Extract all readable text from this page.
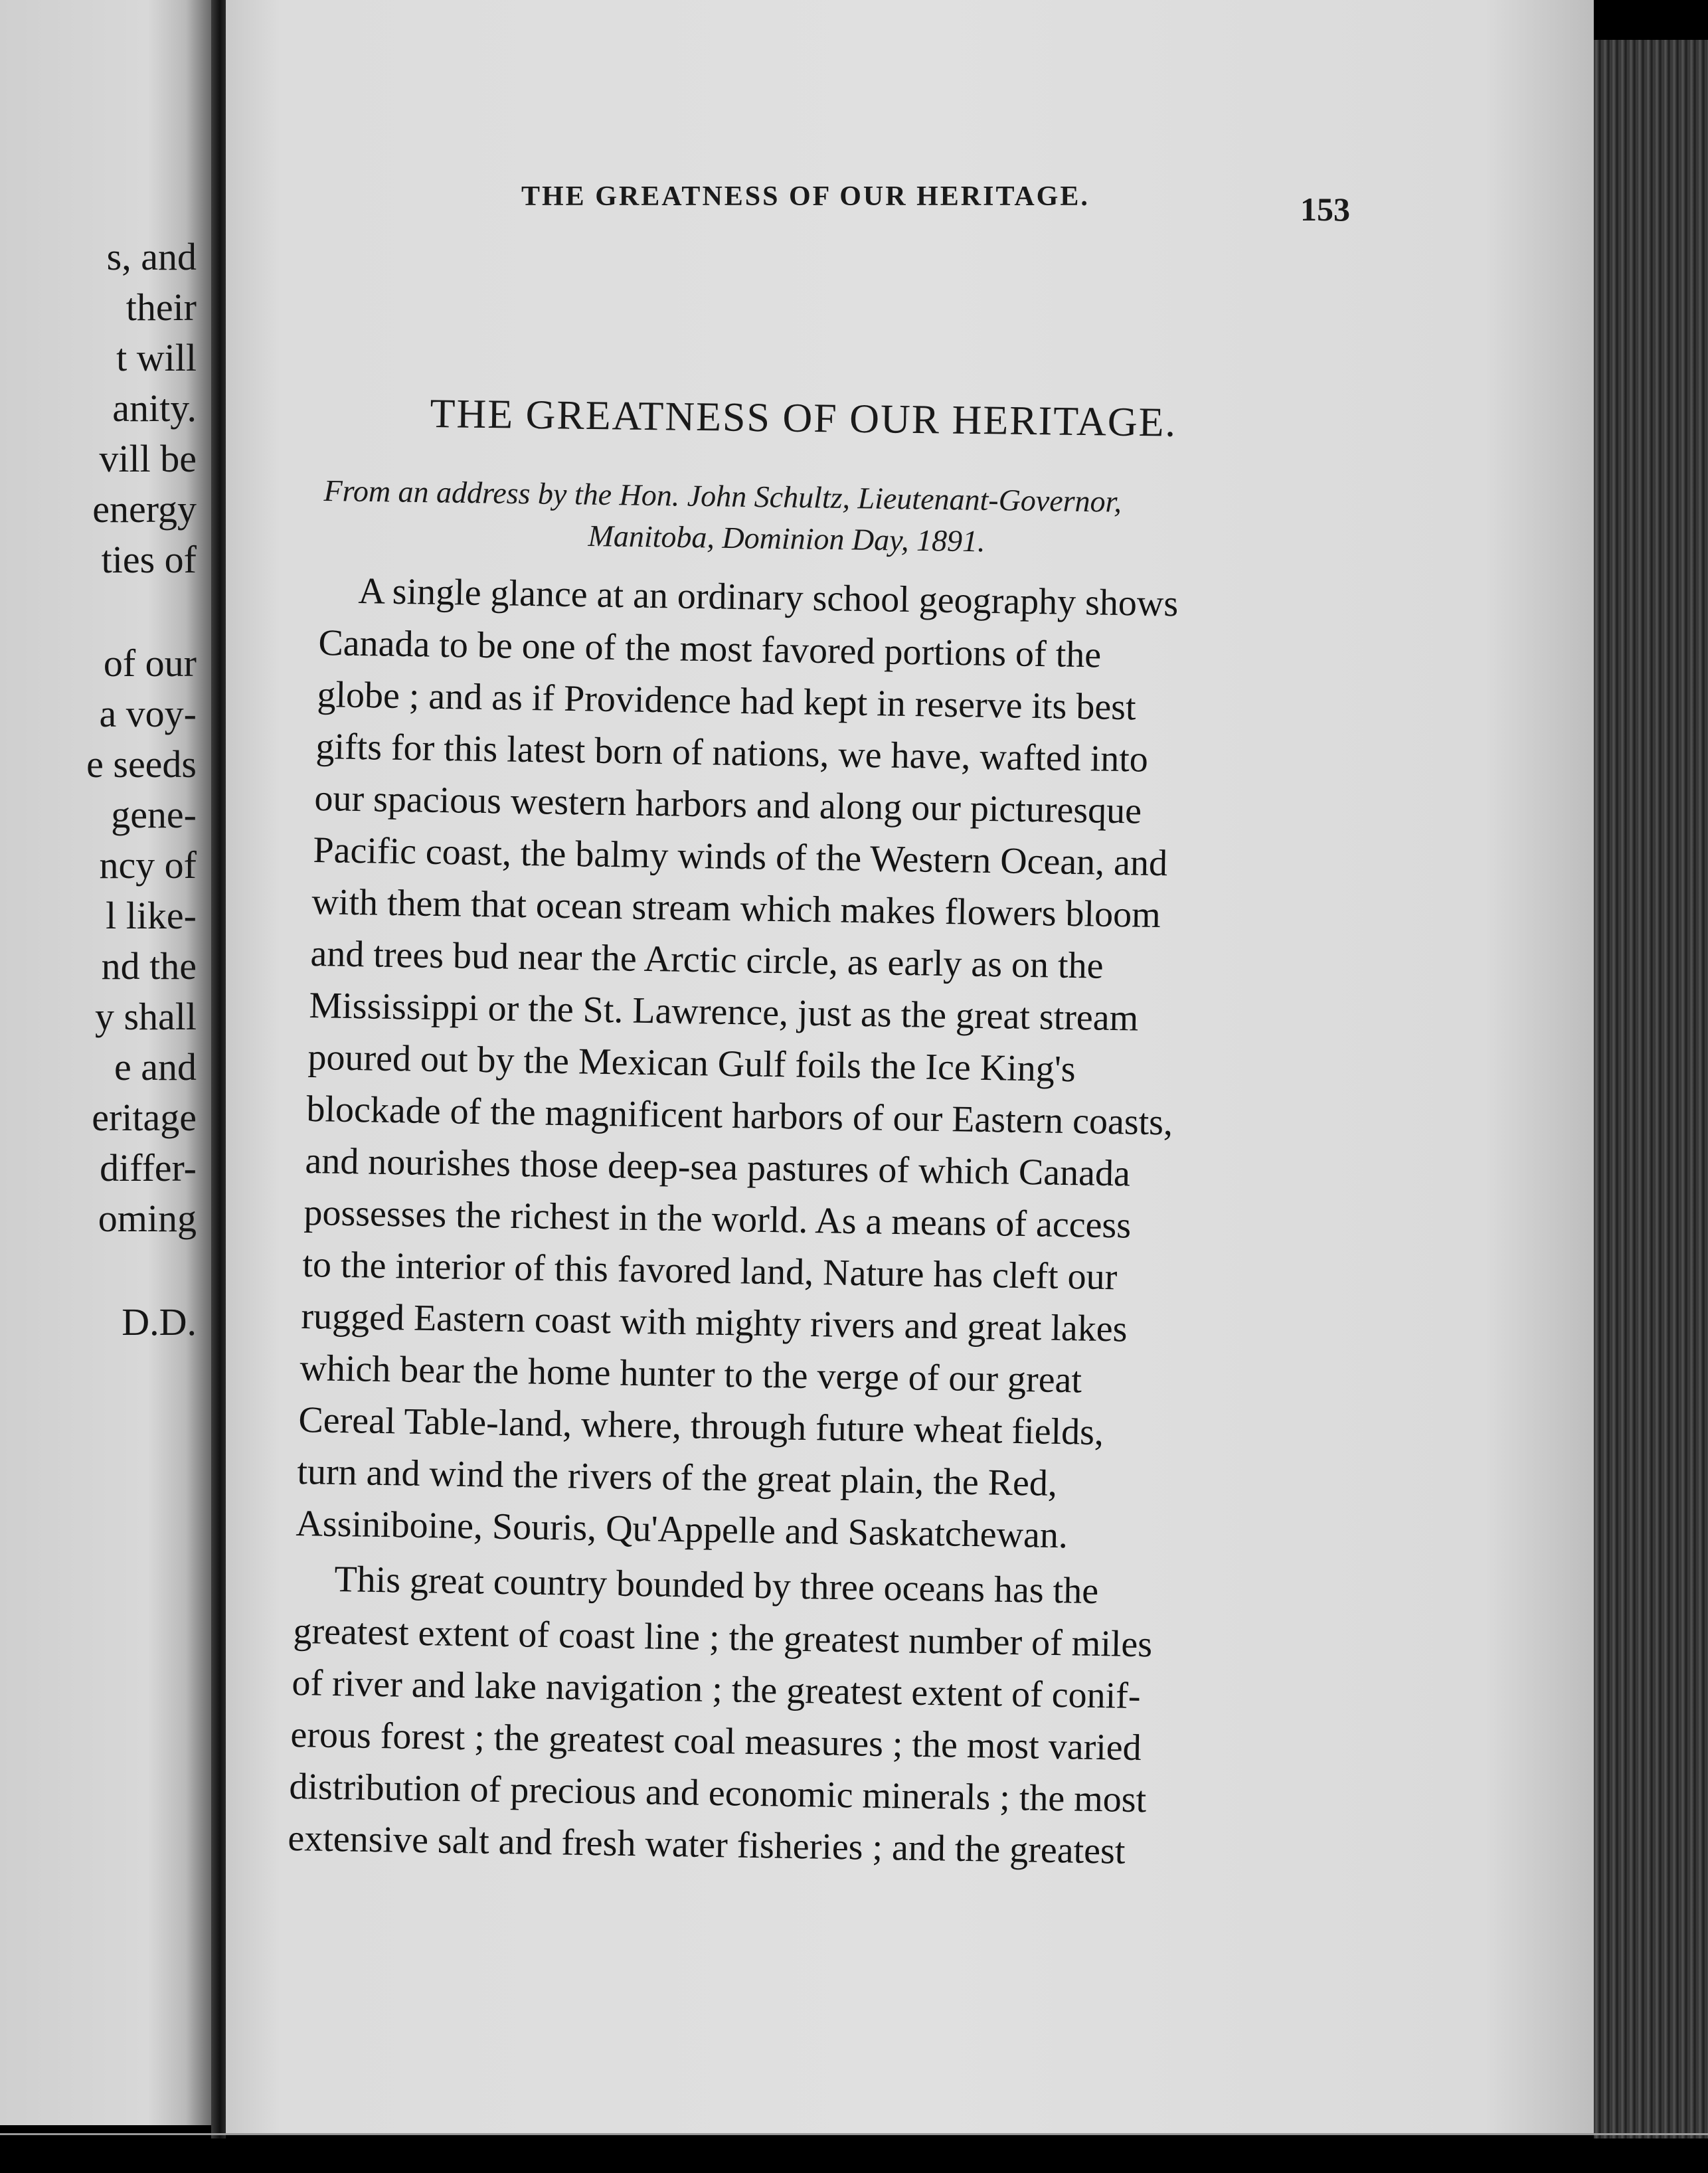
s, and
their
t will
anity.
vill be
energy
ties of
of our
a voy-
e seeds
gene-
ncy of
l like-
nd the
y shall
e and
eritage
differ-
oming
D.D.
THE GREATNESS OF OUR HERITAGE.	153
THE GREATNESS OF OUR HERITAGE.
From an address by the Hon. John Schultz, Lieutenant-Governor,
Manitoba, Dominion Day, 1891.
A single glance at an ordinary school geography shows
Canada to be one of the most favored portions of the
globe ; and as if Providence had kept in reserve its best
gifts for this latest born of nations, we have, wafted into
our spacious western harbors and along our picturesque
Pacific coast, the balmy winds of the Western Ocean, and
with them that ocean stream which makes flowers bloom
and trees bud near the Arctic circle, as early as on the
Mississippi or the St. Lawrence, just as the great stream
poured out by the Mexican Gulf foils the Ice King's
blockade of the magnificent harbors of our Eastern coasts,
and nourishes those deep-sea pastures of which Canada
possesses the richest in the world. As a means of access
to the interior of this favored land, Nature has cleft our
rugged Eastern coast with mighty rivers and great lakes
which bear the home hunter to the verge of our great
Cereal Table-land, where, through future wheat fields,
turn and wind the rivers of the great plain, the Red,
Assiniboine, Souris, Qu'Appelle and Saskatchewan.
This great country bounded by three oceans has the
greatest extent of coast line ; the greatest number of miles
of river and lake navigation ; the greatest extent of conif-
erous forest ; the greatest coal measures ; the most varied
distribution of precious and economic minerals ; the most
extensive salt and fresh water fisheries ; and the greatest
